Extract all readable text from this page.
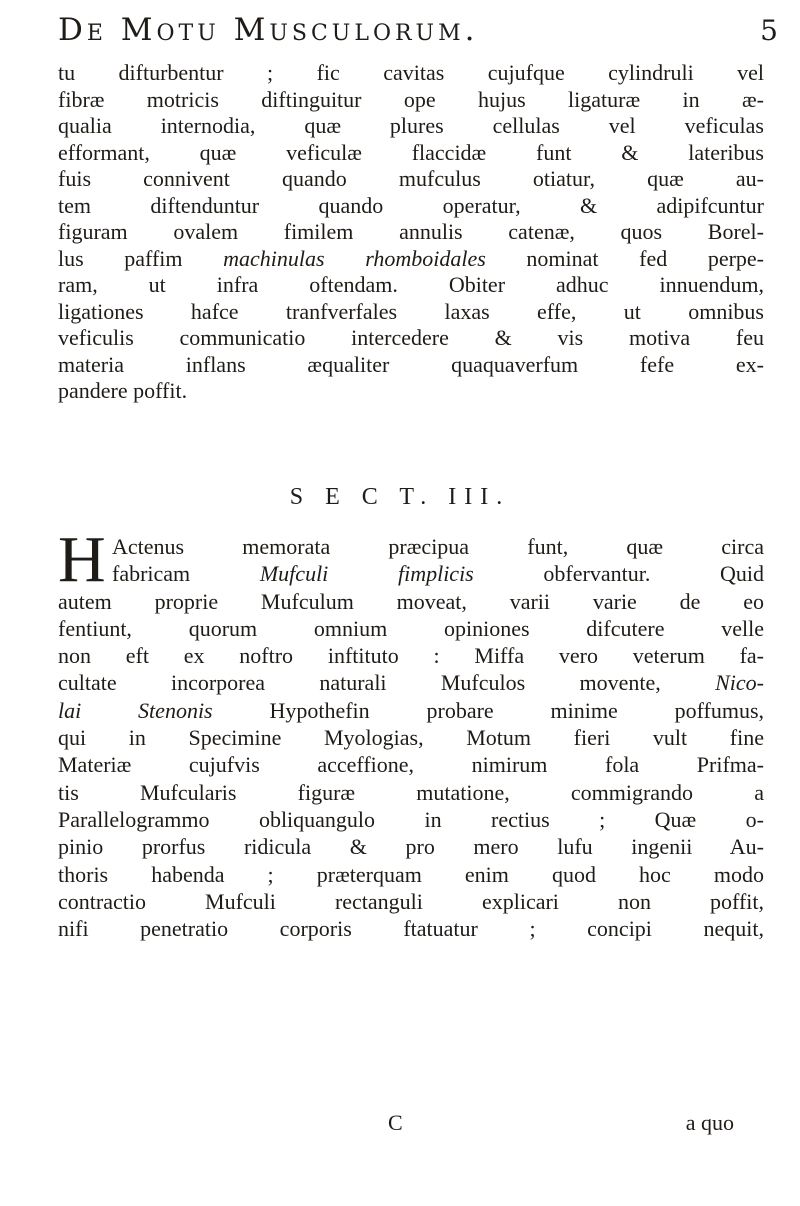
De Motu Musculorum.	5
tu difturbentur ; fic cavitas cujufque cylindruli vel
fibræ motricis diftinguitur ope hujus ligaturæ in æ-
qualia internodia, quæ plures cellulas vel veficulas
efformant, quæ veficulæ flaccidæ funt & lateribus
fuis connivent quando mufculus otiatur, quæ au-
tem diftenduntur quando operatur, & adipifcuntur
figuram ovalem fimilem annulis catenæ, quos Borel-
lus paffim machinulas rhomboidales nominat fed perpe-
ram, ut infra oftendam. Obiter adhuc innuendum,
ligationes hafce tranfverfales laxas effe, ut omnibus
veficulis communicatio intercedere & vis motiva feu
materia inflans æqualiter quaquaverfum fefe ex-
pandere poffit.
S E C T. III.
H Actenus memorata præcipua funt, quæ circa
fabricam Mufculi fimplicis obfervantur. Quid
autem proprie Mufculum moveat, varii varie de eo
fentiunt, quorum omnium opiniones difcutere velle
non eft ex noftro inftituto : Miffa vero veterum fa-
cultate incorporea naturali Mufculos movente, Nico-
lai Stenonis Hypothefin probare minime poffumus,
qui in Specimine Myologias, Motum fieri vult fine
Materiæ cujufvis acceffione, nimirum fola Prifma-
tis Mufcularis figuræ mutatione, commigrando a
Parallelogrammo obliquangulo in rectius ; Quæ o-
pinio prorfus ridicula & pro mero lufu ingenii Au-
thoris habenda ; præterquam enim quod hoc modo
contractio Mufculi rectanguli explicari non poffit,
nifi penetratio corporis ftatuatur ; concipi nequit,
C	a quo
